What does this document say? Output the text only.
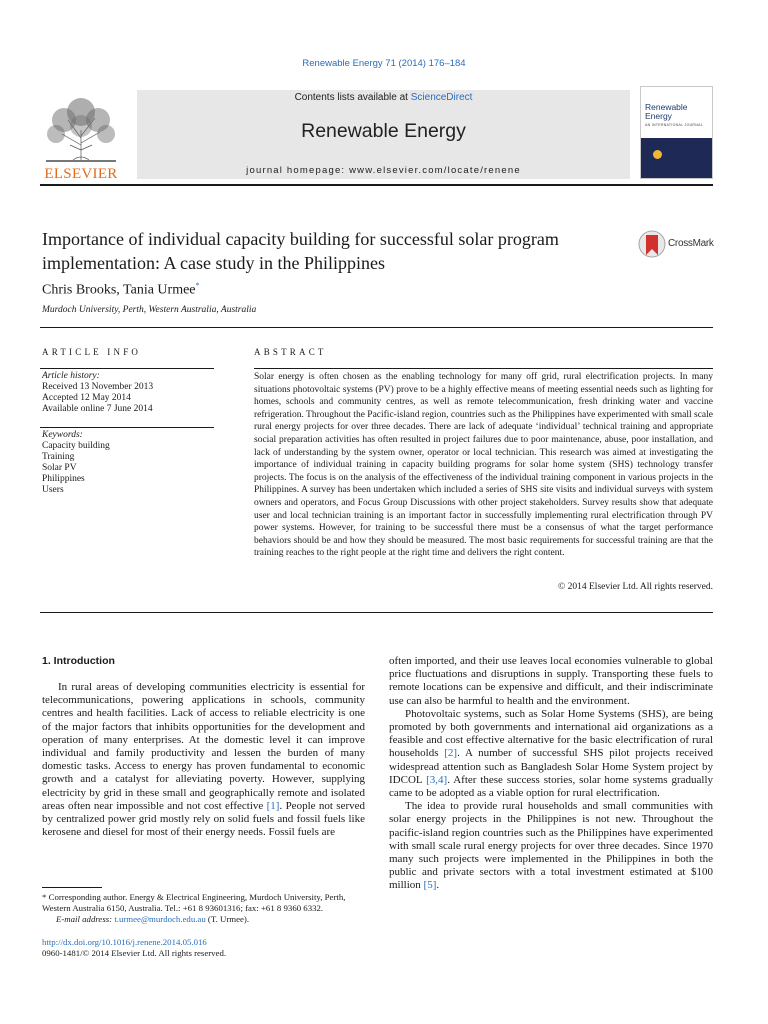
Renewable Energy 71 (2014) 176–184
ELSEVIER
Contents lists available at ScienceDirect
Renewable Energy
journal homepage: www.elsevier.com/locate/renene
Renewable Energy
AN INTERNATIONAL JOURNAL
Importance of individual capacity building for successful solar program implementation: A case study in the Philippines
CrossMark
Chris Brooks, Tania Urmee*
Murdoch University, Perth, Western Australia, Australia
ARTICLE INFO	ABSTRACT
Article history:
Received 13 November 2013
Accepted 12 May 2014
Available online 7 June 2014
Keywords:
Capacity building
Training
Solar PV
Philippines
Users
Solar energy is often chosen as the enabling technology for many off grid, rural electrification projects. In many situations photovoltaic systems (PV) prove to be a highly effective means of meeting essential needs such as lighting for homes, schools and community centres, as well as remote telecommunication, fresh drinking water and vaccine refrigeration. Throughout the Pacific-island region, countries such as the Philippines have experimented with small scale rural energy projects for over three decades. There are lack of adequate ‘individual’ technical training and appropriate social preparation activities has often resulted in project failures due to poor maintenance, abuse, poor installation, and lack of understanding by the system owner, operator or local technician. This research was aimed at investigating the importance of individual training in capacity building programs for solar home system (SHS) technology transfer projects. The focus is on the analysis of the effectiveness of the individual training component in various projects in the Philippines. A survey has been undertaken which included a series of SHS site visits and individual surveys with system owners and operators, and Focus Group Discussions with other project stakeholders. Survey results show that adequate user and local technician training is an important factor in successfully implementing rural electrification through PV power systems. However, for training to be successful there must be a consensus of what the target performance behaviors should be and how they should be measured. The most basic requirements for successful training are that the training reaches to the right people at the right time and delivers the right content.
© 2014 Elsevier Ltd. All rights reserved.
1. Introduction

In rural areas of developing communities electricity is essential for telecommunications, powering applications in schools, community centres and health facilities. Lack of access to reliable electricity is one of the major factors that inhibits opportunities for the development and operation of many enterprises. At the domestic level it can improve individual and family productivity and lessen the burden of many domestic tasks. Access to energy has proven fundamental to economic growth and a catalyst for alleviating poverty. However, supplying electricity by grid in these small and geographically remote and isolated areas often near impossible and not cost effective [1]. People not served by centralized power grid mostly rely on solid fuels and fossil fuels like kerosene and diesel for most of their energy needs. Fossil fuels are

often imported, and their use leaves local economies vulnerable to global price fluctuations and disruptions in supply. Transporting these fuels to remote locations can be expensive and difficult, and their indiscriminate use can also be harmful to health and the environment.

Photovoltaic systems, such as Solar Home Systems (SHS), are being promoted by both governments and international aid organizations as a feasible and cost effective alternative for the basic electrification of rural households [2]. A number of successful SHS pilot projects received widespread attention such as Bangladesh Solar Home System project by IDCOL [3,4]. After these success stories, solar home systems gradually came to be adopted as a viable option for rural electrification.

The idea to provide rural households and small communities with solar energy projects in the Philippines is not new. Throughout the pacific-island region countries such as the Philippines have experimented with small scale rural energy projects for over three decades. Since 1970 many such projects were implemented in the Philippines in both the public and private sectors with a total investment estimated at $100 million [5].

* Corresponding author. Energy & Electrical Engineering, Murdoch University, Perth, Western Australia 6150, Australia. Tel.: +61 8 93601316; fax: +61 8 9360 6332.

E-mail address: t.urmee@murdoch.edu.au (T. Urmee).

http://dx.doi.org/10.1016/j.renene.2014.05.016
0960-1481/© 2014 Elsevier Ltd. All rights reserved.
